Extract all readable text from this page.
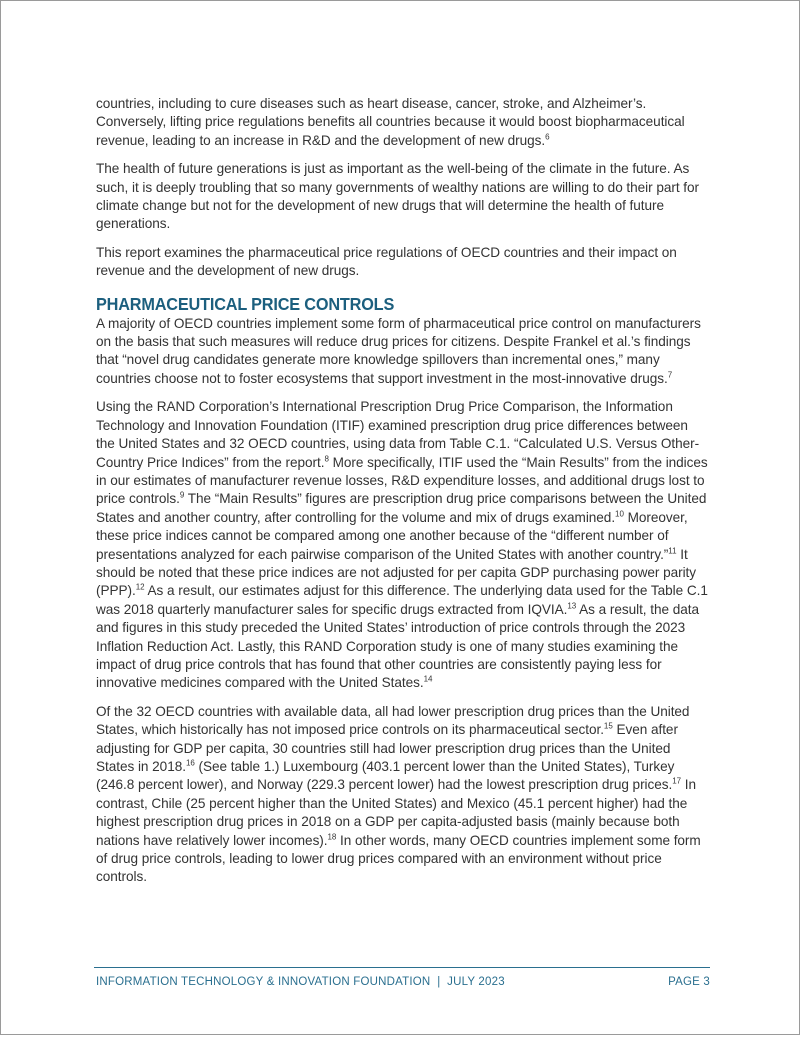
countries, including to cure diseases such as heart disease, cancer, stroke, and Alzheimer’s. Conversely, lifting price regulations benefits all countries because it would boost biopharmaceutical revenue, leading to an increase in R&D and the development of new drugs.$^6$

The health of future generations is just as important as the well-being of the climate in the future. As such, it is deeply troubling that so many governments of wealthy nations are willing to do their part for climate change but not for the development of new drugs that will determine the health of future generations.

This report examines the pharmaceutical price regulations of OECD countries and their impact on revenue and the development of new drugs.

PHARMACEUTICAL PRICE CONTROLS

A majority of OECD countries implement some form of pharmaceutical price control on manufacturers on the basis that such measures will reduce drug prices for citizens. Despite Frankel et al.’s findings that “novel drug candidates generate more knowledge spillovers than incremental ones,” many countries choose not to foster ecosystems that support investment in the most-innovative drugs.$^7$

Using the RAND Corporation’s International Prescription Drug Price Comparison, the Information Technology and Innovation Foundation (ITIF) examined prescription drug price differences between the United States and 32 OECD countries, using data from Table C.1. “Calculated U.S. Versus Other-Country Price Indices” from the report.$^8$ More specifically, ITIF used the “Main Results” from the indices in our estimates of manufacturer revenue losses, R&D expenditure losses, and additional drugs lost to price controls.$^9$ The “Main Results” figures are prescription drug price comparisons between the United States and another country, after controlling for the volume and mix of drugs examined.$^{10}$ Moreover, these price indices cannot be compared among one another because of the “different number of presentations analyzed for each pairwise comparison of the United States with another country.”$^{11}$ It should be noted that these price indices are not adjusted for per capita GDP purchasing power parity (PPP).$^{12}$ As a result, our estimates adjust for this difference. The underlying data used for the Table C.1 was 2018 quarterly manufacturer sales for specific drugs extracted from IQVIA.$^{13}$ As a result, the data and figures in this study preceded the United States’ introduction of price controls through the 2023 Inflation Reduction Act. Lastly, this RAND Corporation study is one of many studies examining the impact of drug price controls that has found that other countries are consistently paying less for innovative medicines compared with the United States.$^{14}$

Of the 32 OECD countries with available data, all had lower prescription drug prices than the United States, which historically has not imposed price controls on its pharmaceutical sector.$^{15}$ Even after adjusting for GDP per capita, 30 countries still had lower prescription drug prices than the United States in 2018.16 (See table 1.) Luxembourg (403.1 percent lower than the United States), Turkey (246.8 percent lower), and Norway (229.3 percent lower) had the lowest prescription drug prices.$^{17}$ In contrast, Chile (25 percent higher than the United States) and Mexico (45.1 percent higher) had the highest prescription drug prices in 2018 on a GDP per capita-adjusted basis (mainly because both nations have relatively lower incomes).$^{18}$ In other words, many OECD countries implement some form of drug price controls, leading to lower drug prices compared with an environment without price controls.

INFORMATION TECHNOLOGY & INNOVATION FOUNDATION  |  JULY 2023	PAGE 3
